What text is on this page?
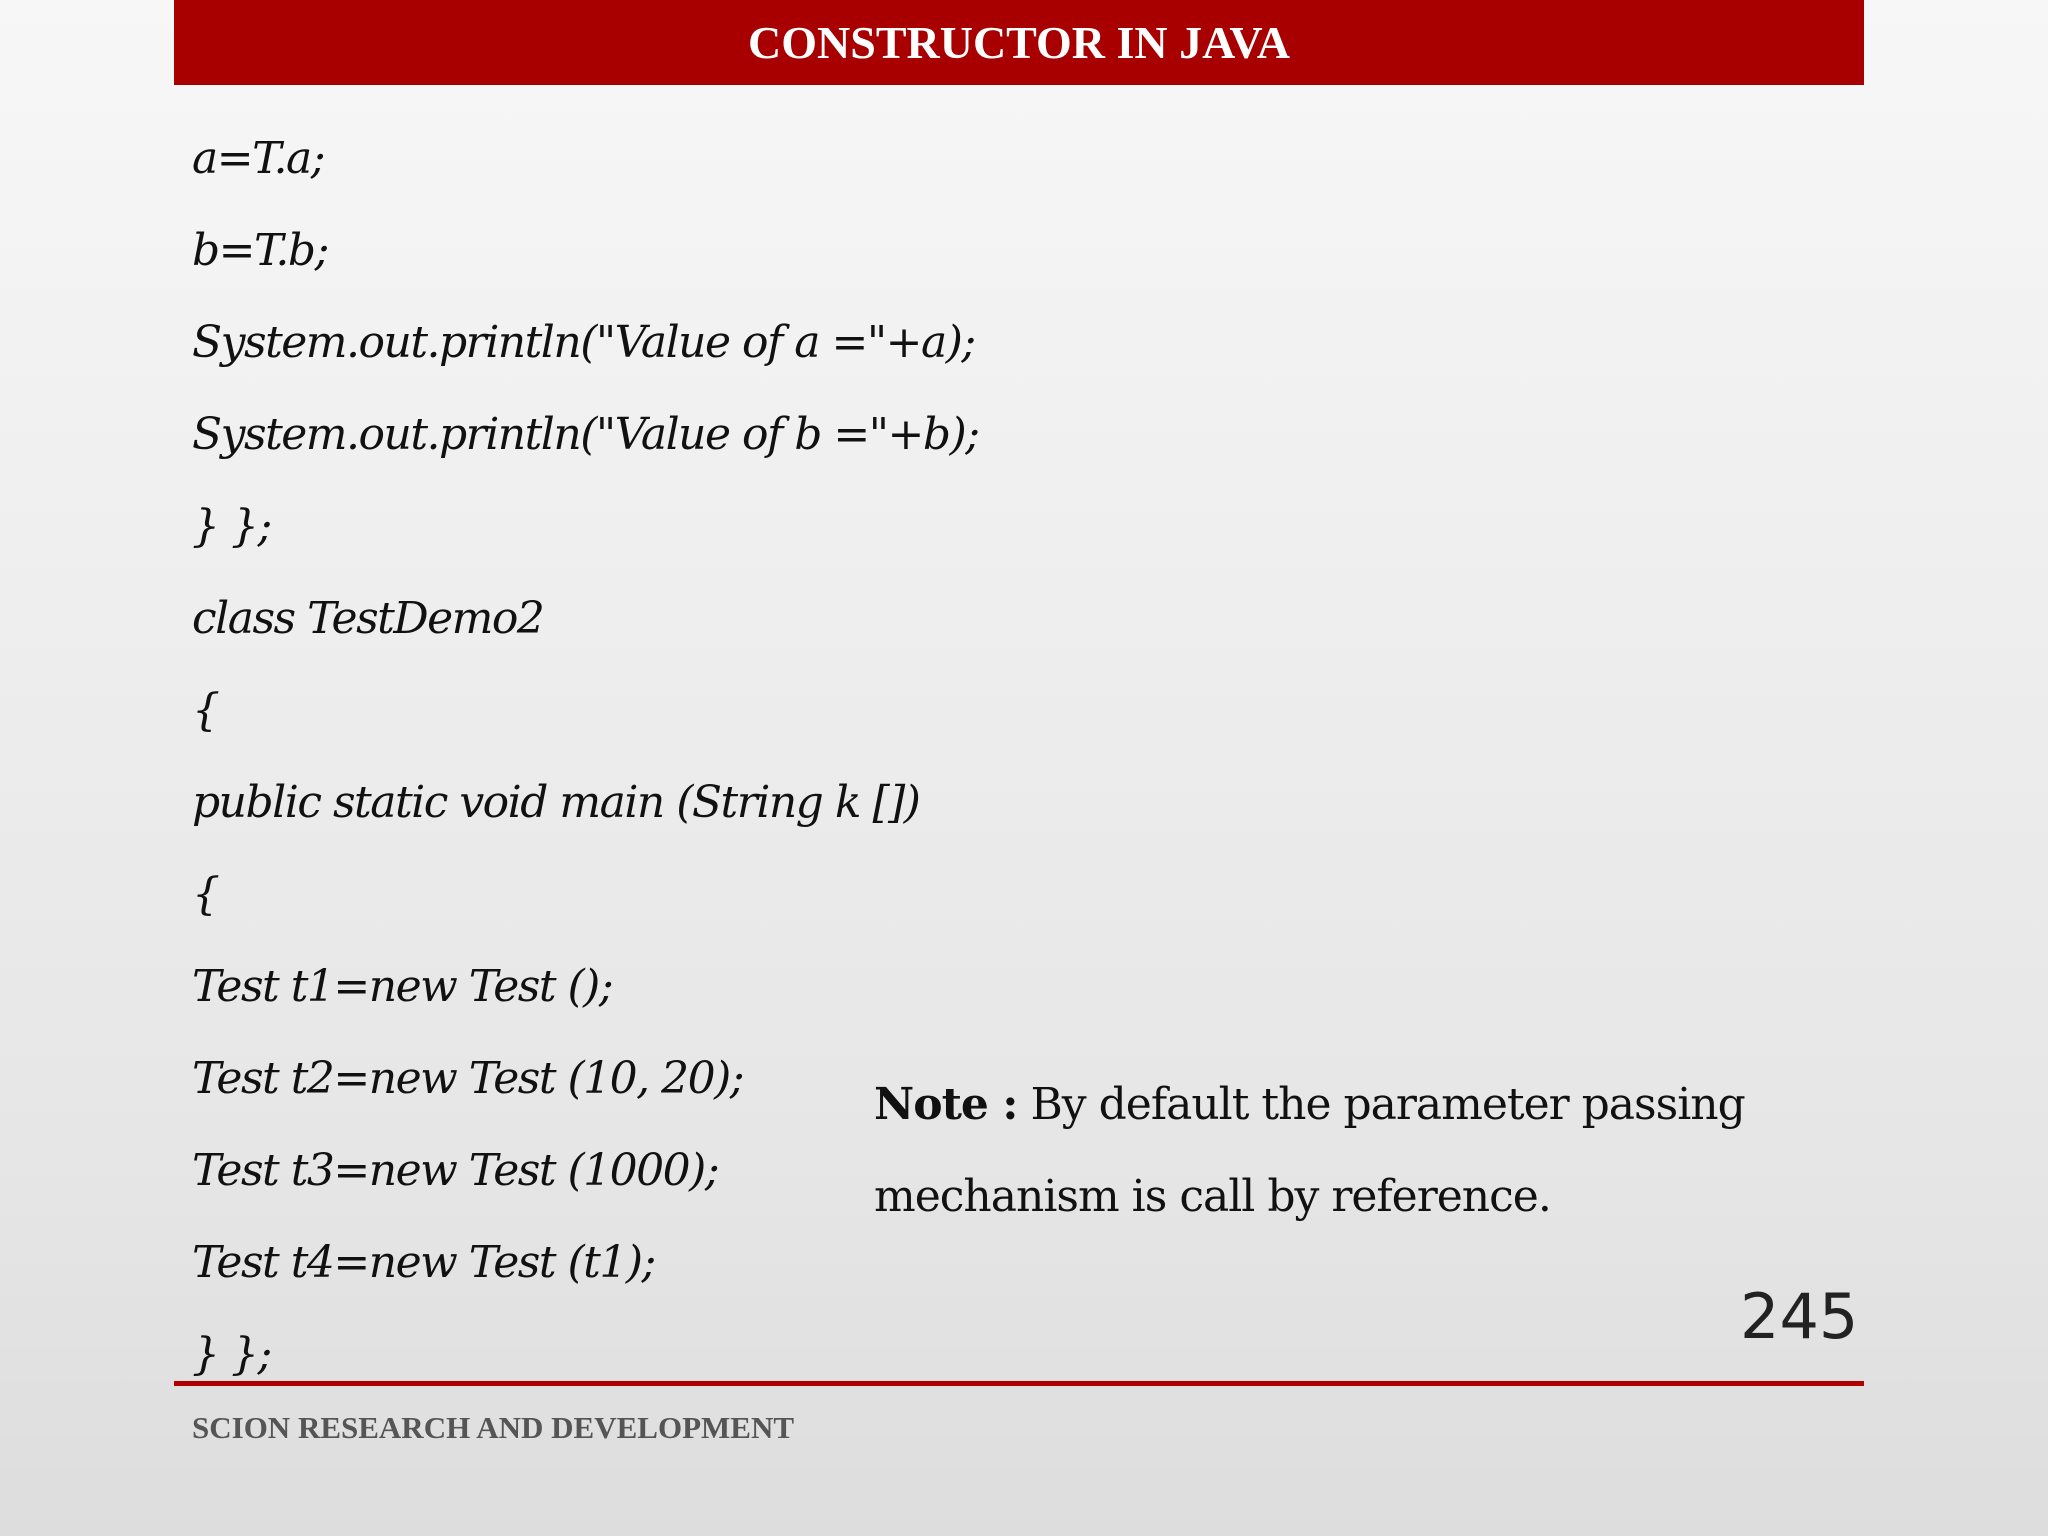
CONSTRUCTOR IN JAVA
a=T.a;
b=T.b;
System.out.println("Value of a ="+a);
System.out.println("Value of b ="+b);
} };
class TestDemo2
{
public static void main (String k [])
{
Test t1=new Test ();
Test t2=new Test (10, 20);
Test t3=new Test (1000);
Test t4=new Test (t1);
} };
Note : By default the parameter passing mechanism is call by reference.
245
SCION RESEARCH AND DEVELOPMENT
